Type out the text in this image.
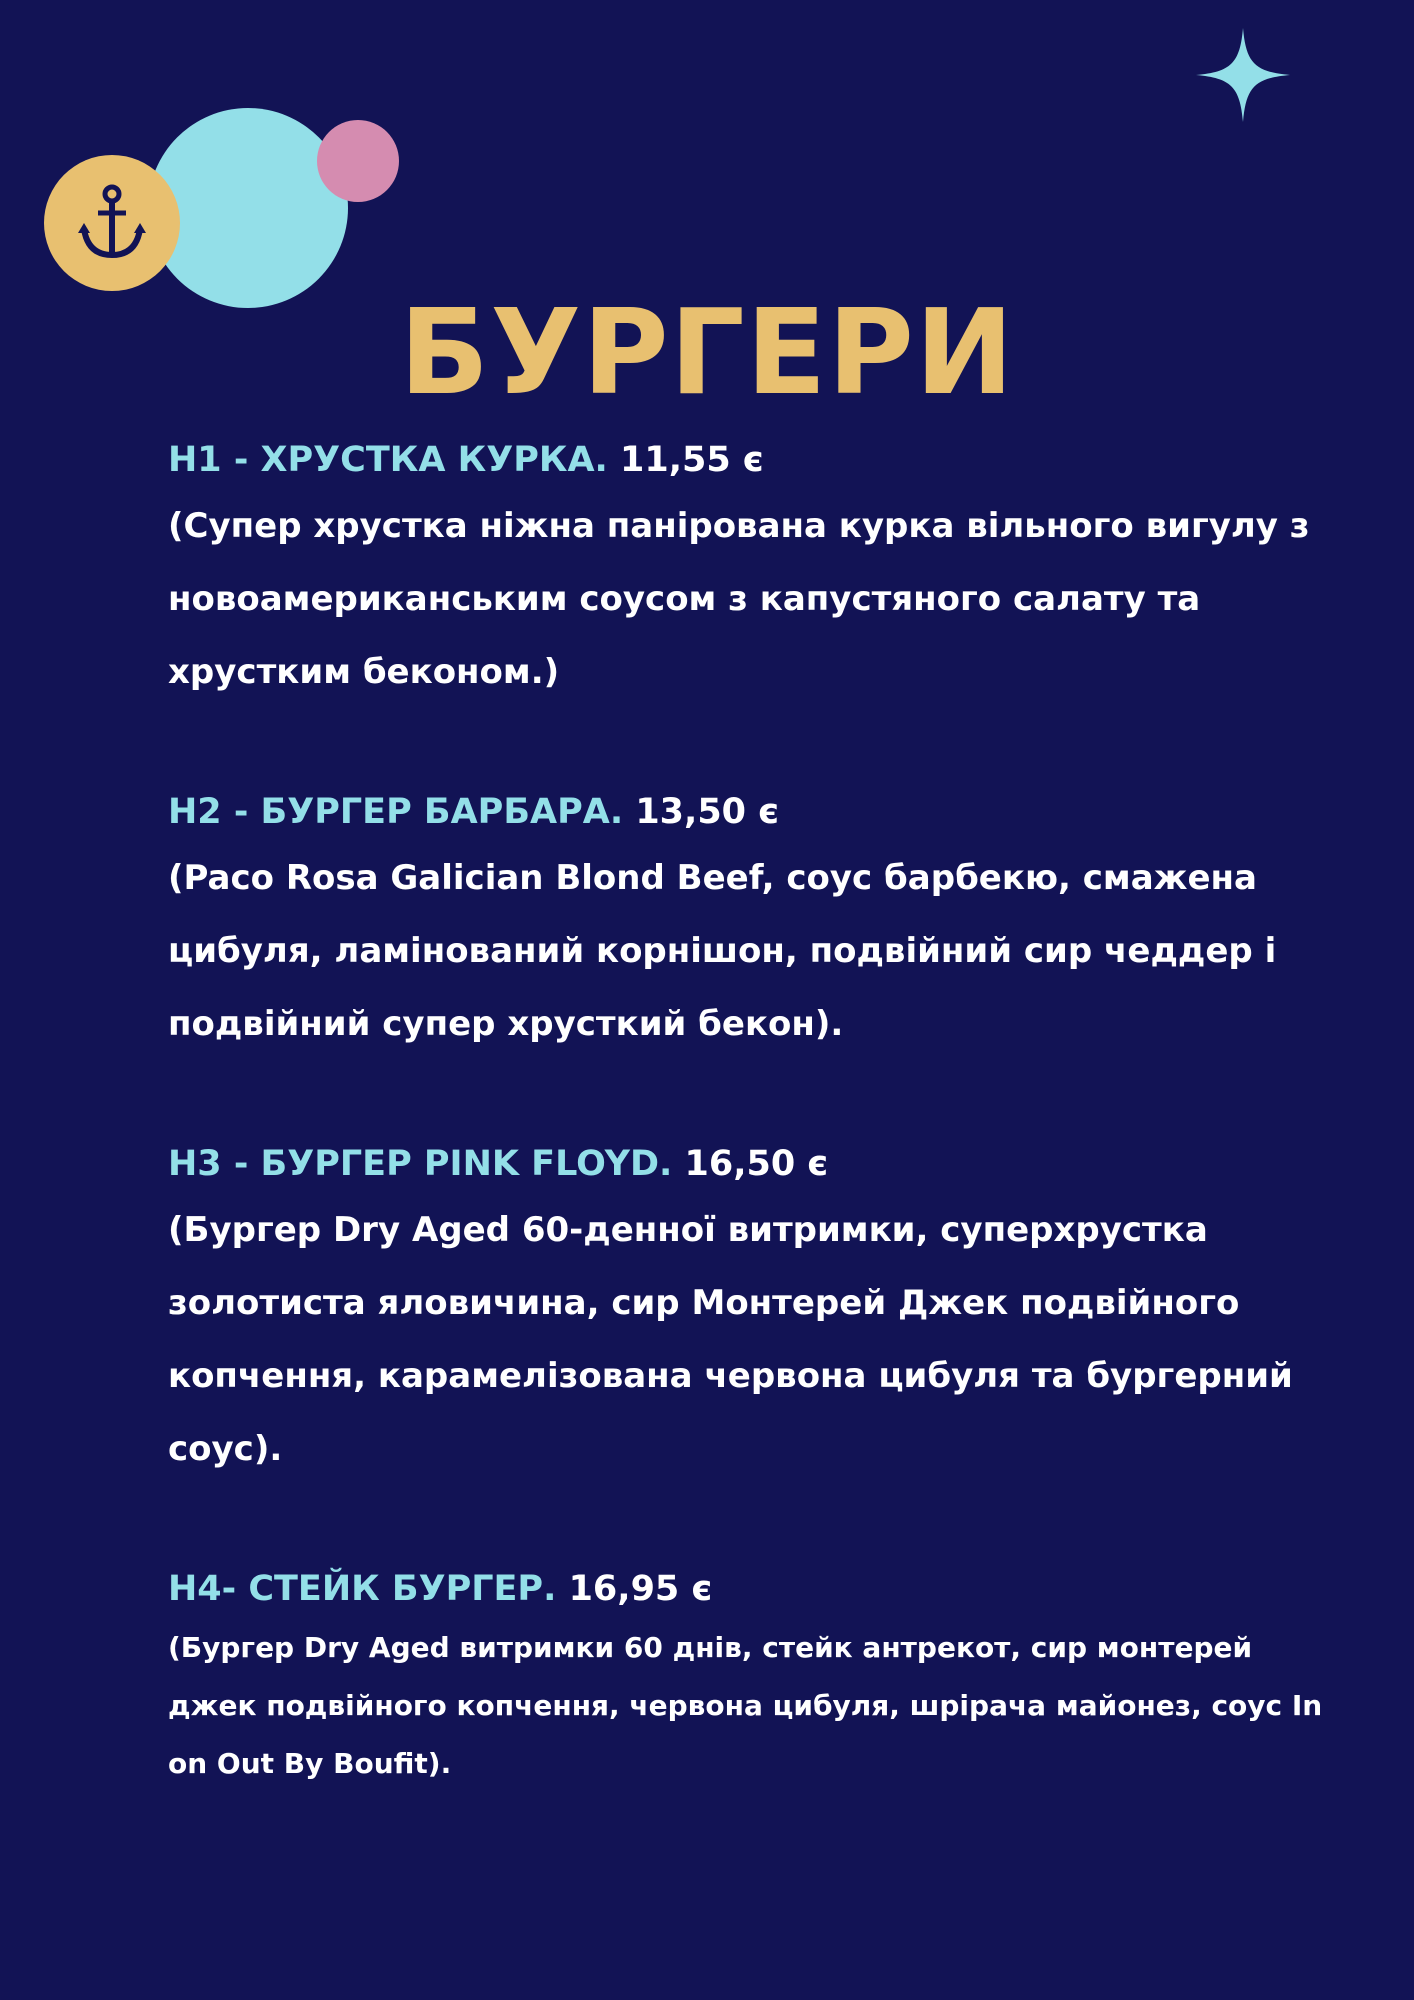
БУРГЕРИ
H1 - ХРУСТКА КУРКА. 11,55 є

(Супер хрустка ніжна панірована курка вільного вигулу з новоамериканським соусом з капустяного салату та хрустким беконом.)

H2 - БУРГЕР БАРБАРА. 13,50 є

(Paco Rosa Galician Blond Beef, соус барбекю, смажена цибуля, ламінований корнішон, подвійний сир чеддер і подвійний супер хрусткий бекон).

H3 - БУРГЕР PINK FLOYD. 16,50 є

(Бургер Dry Aged 60-денної витримки, суперхрустка золотиста яловичина, сир Монтерей Джек подвійного копчення, карамелізована червона цибуля та бургерний соус).

H4- СТЕЙК БУРГЕР. 16,95 є

(Бургер Dry Aged витримки 60 днів, стейк антрекот, сир монтерей джек подвійного копчення, червона цибуля, шрірача майонез, соус In on Out By Boufit).
